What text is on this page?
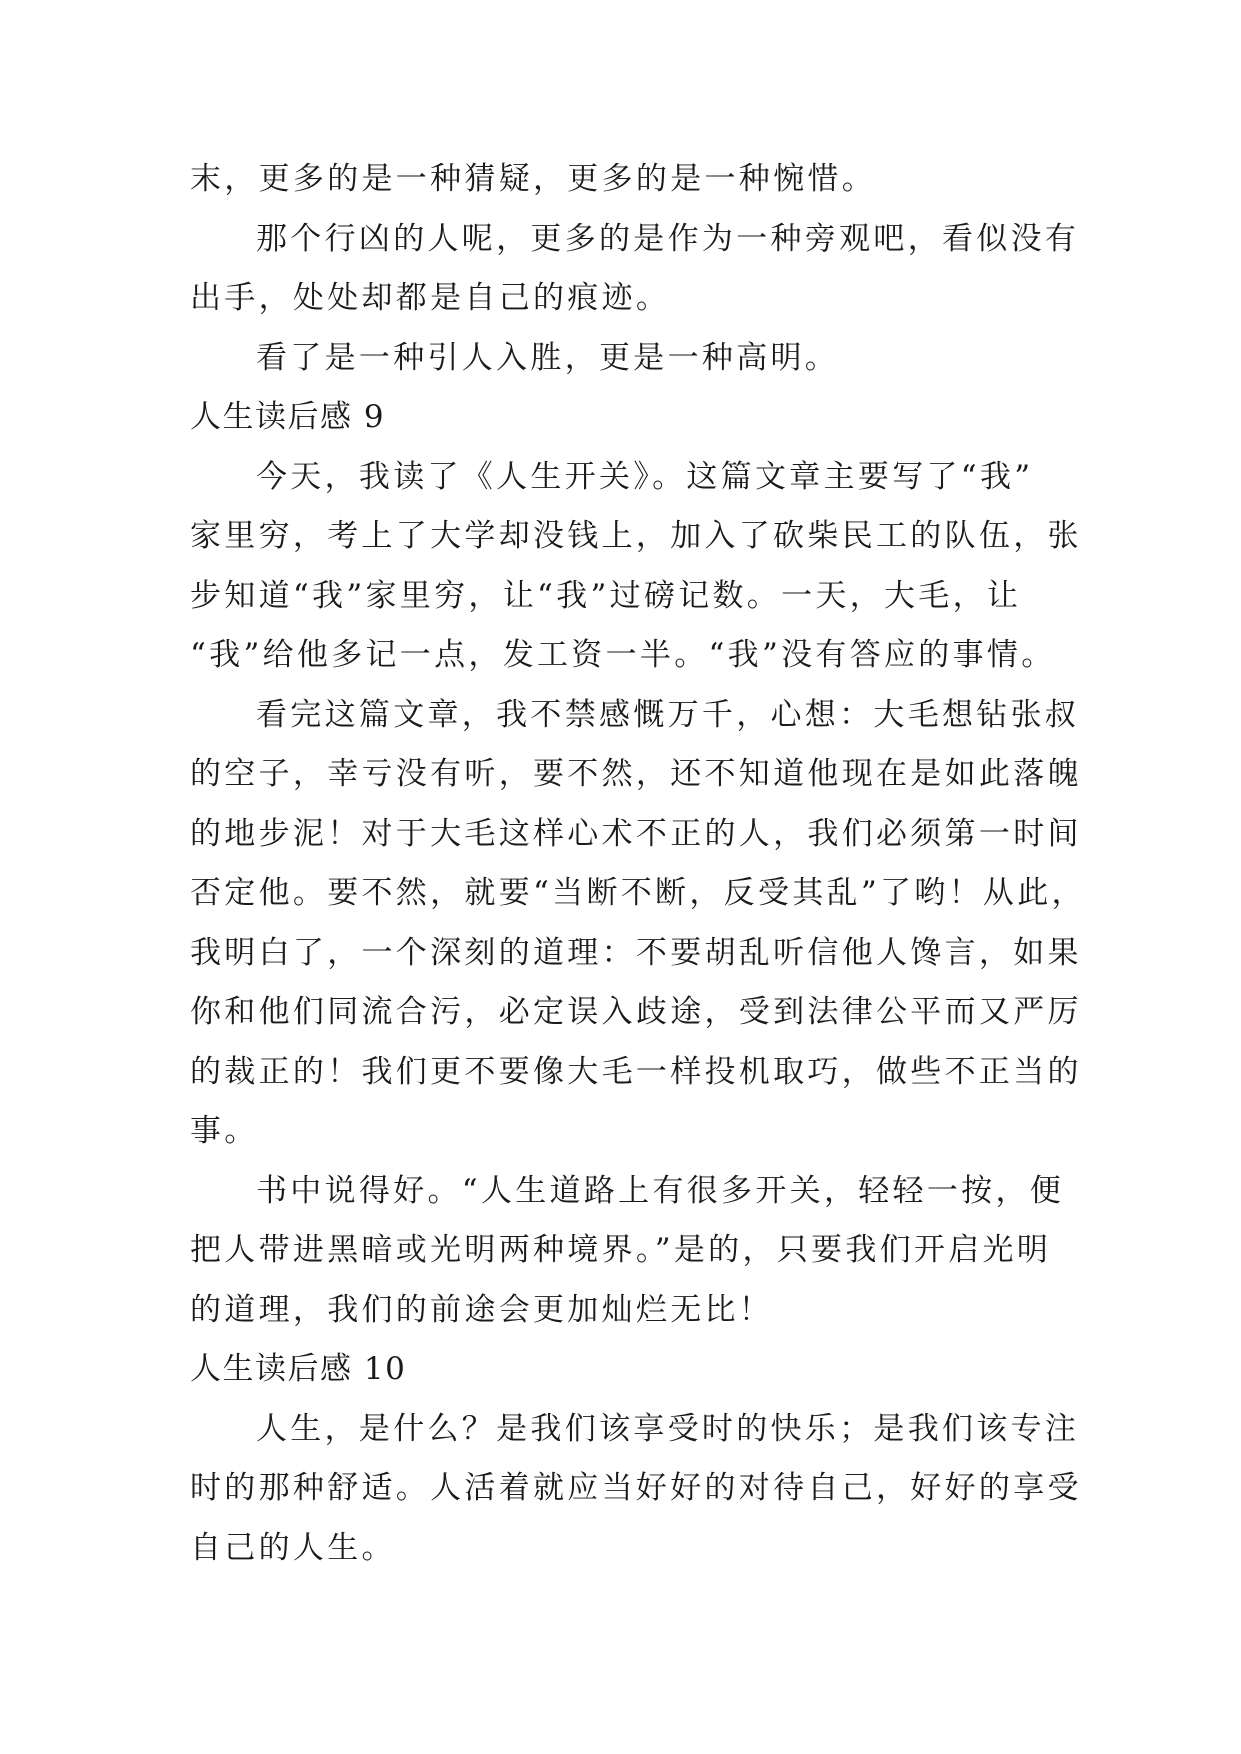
末，更多的是一种猜疑，更多的是一种惋惜。
那个行凶的人呢，更多的是作为一种旁观吧，看似没有
出手，处处却都是自己的痕迹。
看了是一种引人入胜，更是一种高明。
人生读后感 9
今天，我读了《人生开关》。这篇文章主要写了“我”
家里穷，考上了大学却没钱上，加入了砍柴民工的队伍，张
步知道“我”家里穷，让“我”过磅记数。一天，大毛，让
“我”给他多记一点，发工资一半。“我”没有答应的事情。
看完这篇文章，我不禁感慨万千，心想：大毛想钻张叔
的空子，幸亏没有听，要不然，还不知道他现在是如此落魄
的地步泥！对于大毛这样心术不正的人，我们必须第一时间
否定他。要不然，就要“当断不断，反受其乱”了哟！从此，
我明白了，一个深刻的道理：不要胡乱听信他人馋言，如果
你和他们同流合污，必定误入歧途，受到法律公平而又严厉
的裁正的！我们更不要像大毛一样投机取巧，做些不正当的
事。
书中说得好。“人生道路上有很多开关，轻轻一按，便
把人带进黑暗或光明两种境界。”是的，只要我们开启光明
的道理，我们的前途会更加灿烂无比！
人生读后感 10
人生，是什么？是我们该享受时的快乐；是我们该专注
时的那种舒适。人活着就应当好好的对待自己，好好的享受
自己的人生。
